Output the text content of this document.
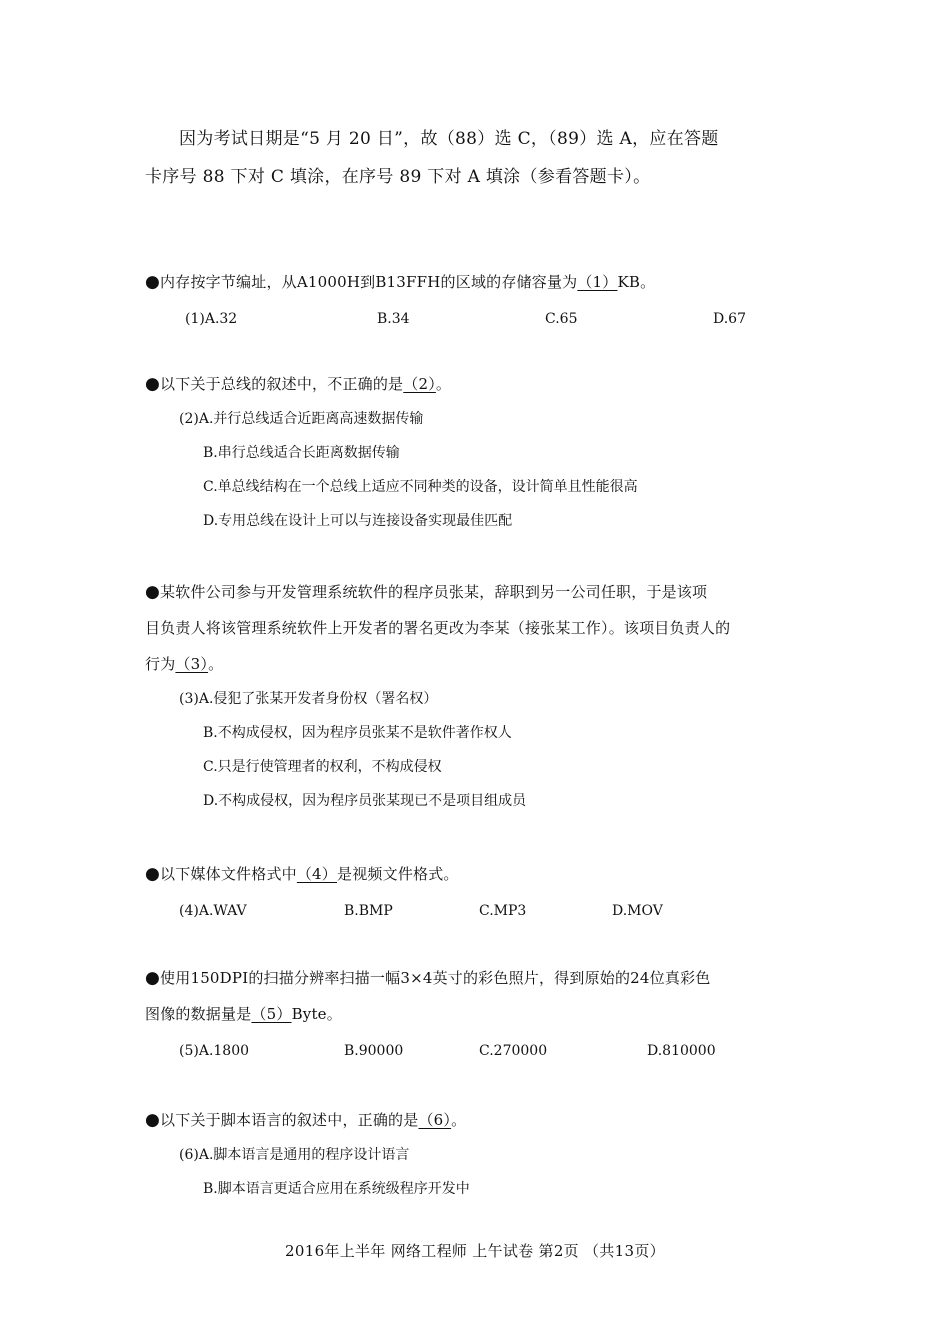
因为考试日期是“5 月 20 日”，故（88）选 C，（89）选 A，应在答题

卡序号 88 下对 C 填涂，在序号 89 下对 A 填涂（参看答题卡）。

●内存按字节编址，从A1000H到B13FFH的区域的存储容量为（1）KB。

(1)A.32	B.34	C.65	D.67

●以下关于总线的叙述中，不正确的是（2）。

(2)A.并行总线适合近距离高速数据传输

B.串行总线适合长距离数据传输

C.单总线结构在一个总线上适应不同种类的设备，设计简单且性能很高

D.专用总线在设计上可以与连接设备实现最佳匹配

●某软件公司参与开发管理系统软件的程序员张某，辞职到另一公司任职，于是该项

目负责人将该管理系统软件上开发者的署名更改为李某（接张某工作）。该项目负责人的

行为（3）。

(3)A.侵犯了张某开发者身份权（署名权）

B.不构成侵权，因为程序员张某不是软件著作权人

C.只是行使管理者的权利，不构成侵权

D.不构成侵权，因为程序员张某现已不是项目组成员

●以下媒体文件格式中（4）是视频文件格式。

(4)A.WAV	B.BMP	C.MP3	D.MOV

●使用150DPI的扫描分辨率扫描一幅3×4英寸的彩色照片，得到原始的24位真彩色

图像的数据量是（5）Byte。

(5)A.1800	B.90000	C.270000	D.810000

●以下关于脚本语言的叙述中，正确的是（6）。

(6)A.脚本语言是通用的程序设计语言

B.脚本语言更适合应用在系统级程序开发中

2016年上半年 网络工程师 上午试卷 第2页 （共13页）
